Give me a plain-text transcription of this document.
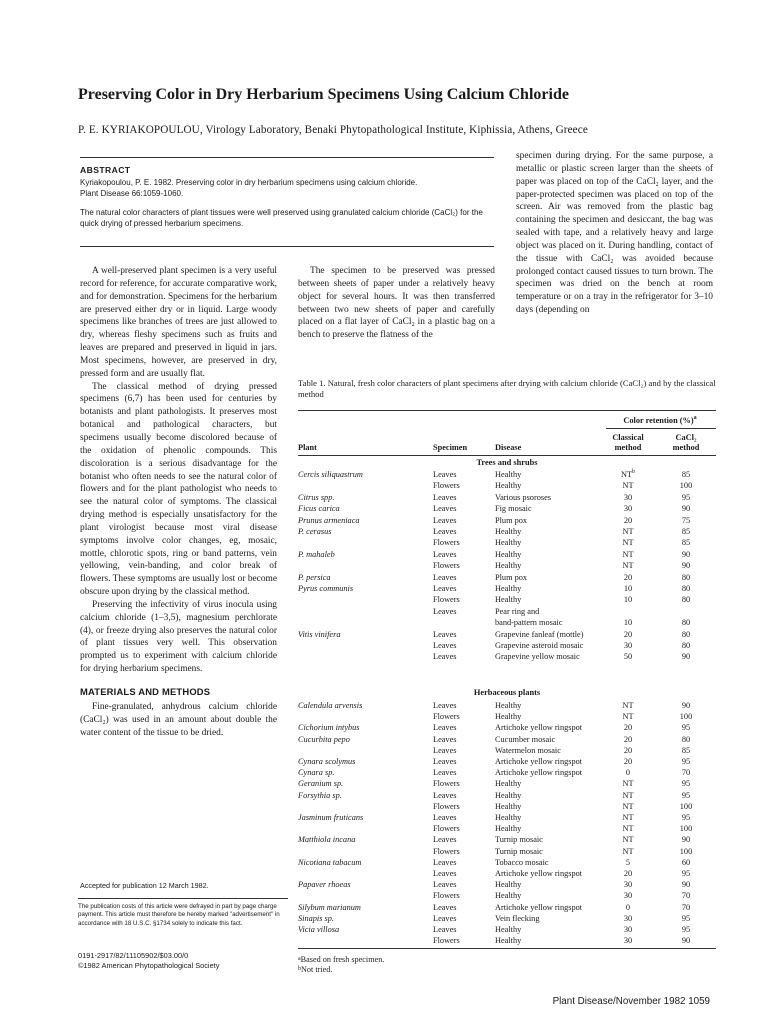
Preserving Color in Dry Herbarium Specimens Using Calcium Chloride
P. E. KYRIAKOPOULOU, Virology Laboratory, Benaki Phytopathological Institute, Kiphissia, Athens, Greece
ABSTRACT
Kyriakopoulou, P. E. 1982. Preserving color in dry herbarium specimens using calcium chloride.
Plant Disease 66:1059-1060.
The natural color characters of plant tissues were well preserved using granulated calcium chloride (CaCl₂) for the quick drying of pressed herbarium specimens.

A well-preserved plant specimen is a very useful record for reference, for accurate comparative work, and for demonstration. Specimens for the herbarium are preserved either dry or in liquid. Large woody specimens like branches of trees are just allowed to dry, whereas fleshy specimens such as fruits and leaves are prepared and preserved in liquid in jars. Most specimens, however, are preserved in dry, pressed form and are usually flat.

The classical method of drying pressed specimens (6,7) has been used for centuries by botanists and plant pathologists. It preserves most botanical and pathological characters, but specimens usually become discolored because of the oxidation of phenolic compounds. This discoloration is a serious disadvantage for the botanist who often needs to see the natural color of flowers and for the plant pathologist who needs to see the natural color of symptoms. The classical drying method is especially unsatisfactory for the plant virologist because most viral disease symptoms involve color changes, eg, mosaic, mottle, chlorotic spots, ring or band patterns, vein yellowing, vein-banding, and color break of flowers. These symptoms are usually lost or become obscure upon drying by the classical method.

Preserving the infectivity of virus inocula using calcium chloride (1–3,5), magnesium perchlorate (4), or freeze drying also preserves the natural color of plant tissues very well. This observation prompted us to experiment with calcium chloride for drying herbarium specimens.

MATERIALS AND METHODS

Fine-granulated, anhydrous calcium chloride (CaCl₂) was used in an amount about double the water content of the tissue to be dried.

The specimen to be preserved was pressed between sheets of paper under a relatively heavy object for several hours. It was then transferred between two new sheets of paper and carefully placed on a flat layer of CaCl₂ in a plastic bag on a bench to preserve the flatness of the

specimen during drying. For the same purpose, a metallic or plastic screen larger than the sheets of paper was placed on top of the CaCl₂ layer, and the paper-protected specimen was placed on top of the screen. Air was removed from the plastic bag containing the specimen and desiccant, the bag was sealed with tape, and a relatively heavy and large object was placed on it. During handling, contact of the tissue with CaCl₂ was avoided because prolonged contact caused tissues to turn brown. The specimen was dried on the bench at room temperature or on a tray in the refrigerator for 3–10 days (depending on

Accepted for publication 12 March 1982.
The publication costs of this article were defrayed in part by page charge payment. This article must therefore be hereby marked "advertisement" in accordance with 18 U.S.C. §1734 solely to indicate this fact.
0191-2917/82/11105902/$03.00/0
©1982 American Phytopathological Society
Table 1. Natural, fresh color characters of plant specimens after drying with calcium chloride (CaCl₂) and by the classical method
Color retention (%)$^a$
Classical	CaCl₂
Plant	Specimen	Disease	method	method
Trees and shrubs
Cercis siliquastrum	Leaves	Healthy	$NT^b$	85
Flowers	Healthy	NT	100
Citrus spp.	Leaves	Various psoroses	30	95
Ficus carica	Leaves	Fig mosaic	30	90
Prunus armeniaca	Leaves	Plum pox	20	75
P. cerasus	Leaves	Healthy	NT	85
Flowers	Healthy	NT	85
P. mahaleb	Leaves	Healthy	NT	90
Flowers	Healthy	NT	90
P. persica	Leaves	Plum pox	20	80
Pyrus communis	Leaves	Healthy	10	80
Flowers	Healthy	10	80
Leaves	Pear ring and
band-pattern mosaic	10	80
Vitis vinifera	Leaves	Grapevine fanleaf (mottle)	20	80
Leaves	Grapevine asteroid mosaic	30	80
Leaves	Grapevine yellow mosaic	50	90
Herbaceous plants
Calendula arvensis	Leaves	Healthy	NT	90
Flowers	Healthy	NT	100
Cichorium intybus	Leaves	Artichoke yellow ringspot	20	95
Cucurbita pepo	Leaves	Cucumber mosaic	20	80
Leaves	Watermelon mosaic	20	85
Cynara scolymus	Leaves	Artichoke yellow ringspot	20	95
Cynara sp.	Leaves	Artichoke yellow ringspot	0	70
Geranium sp.	Flowers	Healthy	NT	95
Forsythia sp.	Leaves	Healthy	NT	95
Flowers	Healthy	NT	100
Jasminum fruticans	Leaves	Healthy	NT	95
Flowers	Healthy	NT	100
Matthiola incana	Leaves	Turnip mosaic	NT	90
Flowers	Turnip mosaic	NT	100
Nicotiana tabacum	Leaves	Tobacco mosaic	5	60
Leaves	Artichoke yellow ringspot	20	95
Papaver rhoeas	Leaves	Healthy	30	90
Flowers	Healthy	30	70
Silybum marianum	Leaves	Artichoke yellow ringspot	0	70
Sinapis sp.	Leaves	Vein flecking	30	95
Vicia villosa	Leaves	Healthy	30	95
Flowers	Healthy	30	90
$^a$Based on fresh specimen.
$^b$Not tried.
Plant Disease/November 1982 1059
